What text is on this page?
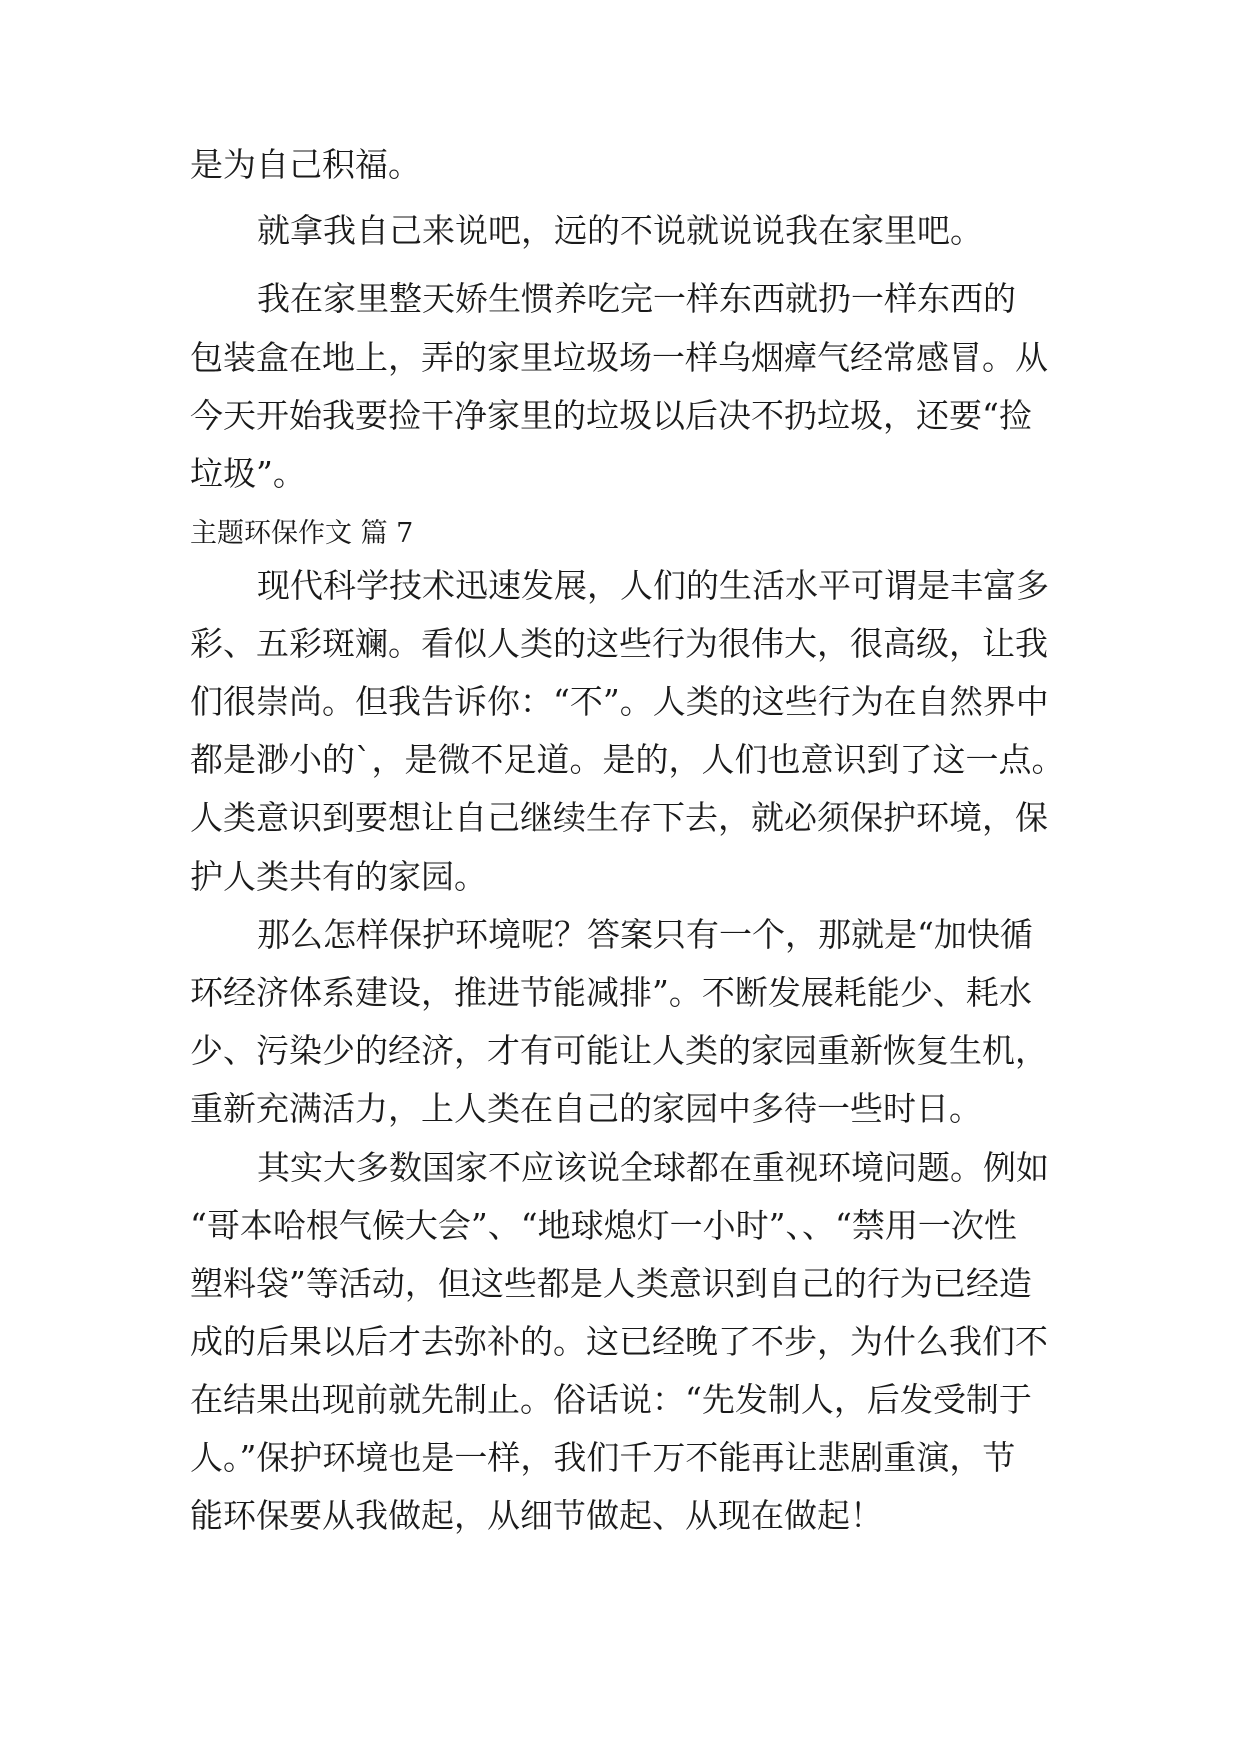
是为自己积福。
就拿我自己来说吧，远的不说就说说我在家里吧。
我在家里整天娇生惯养吃完一样东西就扔一样东西的
包装盒在地上，弄的家里垃圾场一样乌烟瘴气经常感冒。从
今天开始我要捡干净家里的垃圾以后决不扔垃圾，还要“捡
垃圾”。
主题环保作文 篇 7
现代科学技术迅速发展，人们的生活水平可谓是丰富多
彩、五彩斑斓。看似人类的这些行为很伟大，很高级，让我
们很崇尚。但我告诉你：“不”。人类的这些行为在自然界中
都是渺小的`，是微不足道。是的，人们也意识到了这一点。
人类意识到要想让自己继续生存下去，就必须保护环境，保
护人类共有的家园。
那么怎样保护环境呢？答案只有一个，那就是“加快循
环经济体系建设，推进节能减排”。不断发展耗能少、耗水
少、污染少的经济，才有可能让人类的家园重新恢复生机，
重新充满活力，上人类在自己的家园中多待一些时日。
其实大多数国家不应该说全球都在重视环境问题。例如
“哥本哈根气候大会”、“地球熄灯一小时”、、“禁用一次性
塑料袋”等活动，但这些都是人类意识到自己的行为已经造
成的后果以后才去弥补的。这已经晚了不步，为什么我们不
在结果出现前就先制止。俗话说：“先发制人，后发受制于
人。”保护环境也是一样，我们千万不能再让悲剧重演，节
能环保要从我做起，从细节做起、从现在做起！
